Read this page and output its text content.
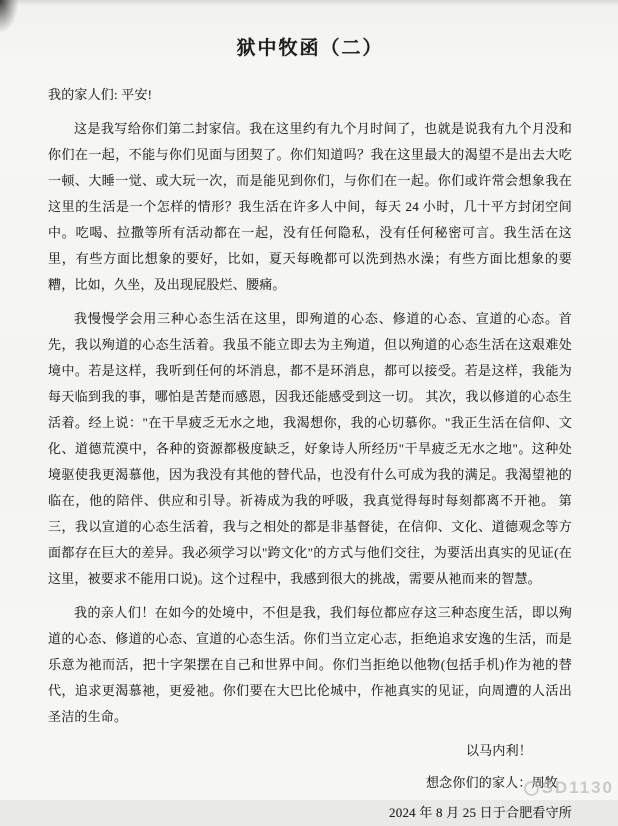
狱中牧函（二）

我的家人们: 平安!

这是我写给你们第二封家信。我在这里约有九个月时间了，也就是说我有九个月没和你们在一起，不能与你们见面与团契了。你们知道吗？我在这里最大的渴望不是出去大吃一顿、大睡一觉、或大玩一次，而是能见到你们，与你们在一起。你们或许常会想象我在这里的生活是一个怎样的情形？我生活在许多人中间，每天 24 小时，几十平方封闭空间中。吃喝、拉撒等所有活动都在一起，没有任何隐私，没有任何秘密可言。我生活在这里，有些方面比想象的要好，比如，夏天每晚都可以洗到热水澡；有些方面比想象的要糟，比如，久坐，及出现屁股烂、腰痛。

我慢慢学会用三种心态生活在这里，即殉道的心态、修道的心态、宣道的心态。首先，我以殉道的心态生活着。我虽不能立即去为主殉道，但以殉道的心态生活在这艰难处境中。若是这样，我听到任何的坏消息，都不是环消息，都可以接受。若是这样，我能为每天临到我的事，哪怕是苦楚而感恩，因我还能感受到这一切。 其次，我以修道的心态生活着。经上说："在干旱疲乏无水之地，我渴想你，我的心切慕你。"我正生活在信仰、文化、道德荒漠中，各种的资源都极度缺乏，好象诗人所经历"干旱疲乏无水之地"。这种处境驱使我更渴慕他，因为我没有其他的替代品，也没有什么可成为我的满足。我渴望祂的临在，他的陪伴、供应和引导。祈祷成为我的呼吸，我真觉得每时每刻都离不开祂。 第三，我以宣道的心态生活着，我与之相处的都是非基督徒，在信仰、文化、道德观念等方面都存在巨大的差异。我必须学习以"跨文化"的方式与他们交往，为要活出真实的见证(在这里，被要求不能用口说)。这个过程中，我感到很大的挑战，需要从祂而来的智慧。

我的亲人们！在如今的处境中，不但是我，我们每位都应存这三种态度生活，即以殉道的心态、修道的心态、宣道的心态生活。你们当立定心志，拒绝追求安逸的生活，而是乐意为祂而活，把十字架摆在自己和世界中间。你们当拒绝以他物(包括手机)作为祂的替代，追求更渴慕祂，更爱祂。你们要在大巴比伦城中，作祂真实的见证，向周遭的人活出圣洁的生命。

以马内利！

想念你们的家人：周牧

2024 年 8 月 25 日于合肥看守所

SD1130
